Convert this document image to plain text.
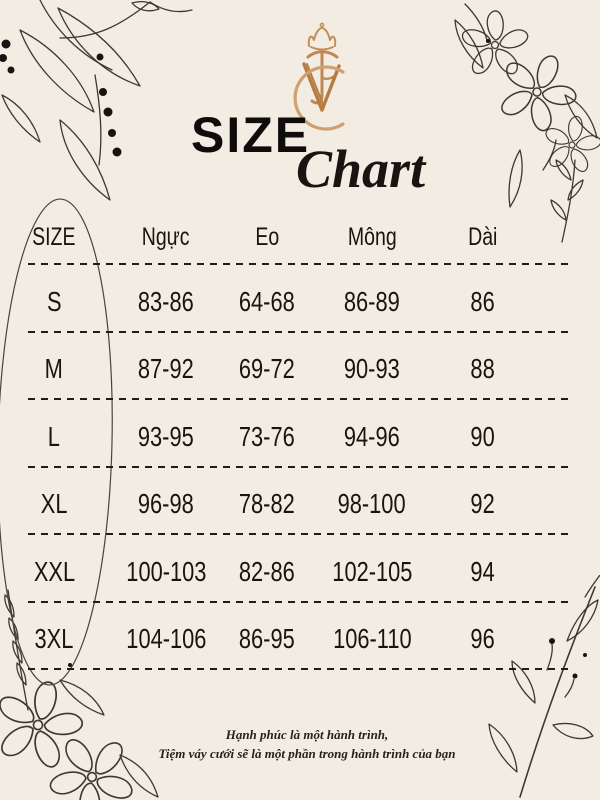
SIZE
Chart
SIZE	Ngực	Eo	Mông	Dài
S	83-86 64-68 86-89	86
M	87-92 69-72 90-93	88
L	93-95 73-76 94-96	90
XL	96-98 78-82 98-100 92
XXL 100-103 82-86 102-105 94
3XL 104-106 86-95 106-110 96
Hạnh phúc là một hành trình,
Tiệm váy cưới sẽ là một phần trong hành trình của bạn
